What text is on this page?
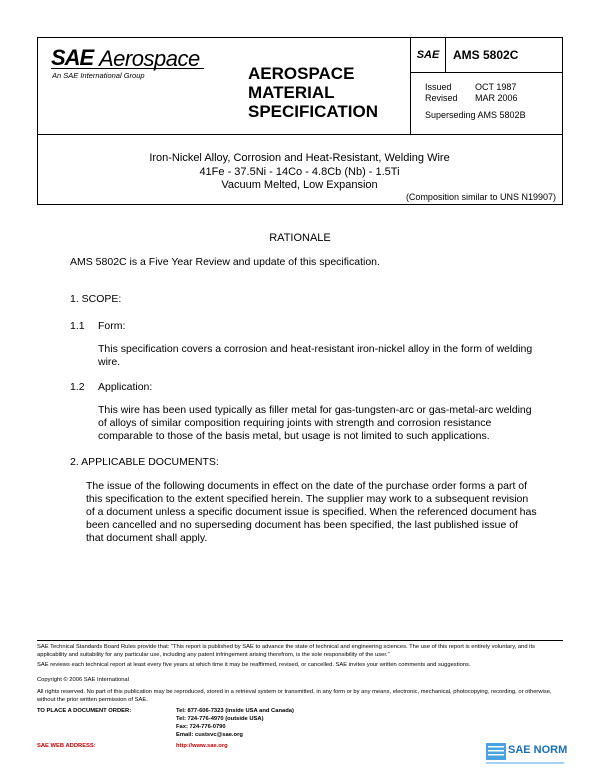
SAE Aerospace
An SAE International Group	AEROSPACE
MATERIAL
SPECIFICATION
SAE	AMS 5802C
Issued	OCT 1987
Revised MAR 2006
Superseding AMS 5802B
Iron-Nickel Alloy, Corrosion and Heat-Resistant, Welding Wire
41Fe - 37.5Ni - 14Co - 4.8Cb (Nb) - 1.5Ti
Vacuum Melted, Low Expansion
(Composition similar to UNS N19907)
RATIONALE
AMS 5802C is a Five Year Review and update of this specification.
1. SCOPE:
1.1 Form:
This specification covers a corrosion and heat-resistant iron-nickel alloy in the form of welding wire.
1.2 Application:
This wire has been used typically as filler metal for gas-tungsten-arc or gas-metal-arc welding of alloys of similar composition requiring joints with strength and corrosion resistance comparable to those of the basis metal, but usage is not limited to such applications.
2. APPLICABLE DOCUMENTS:
The issue of the following documents in effect on the date of the purchase order forms a part of this specification to the extent specified herein. The supplier may work to a subsequent revision of a document unless a specific document issue is specified. When the referenced document has been cancelled and no superseding document has been specified, the last published issue of that document shall apply.
SAE Technical Standards Board Rules provide that: "This report is published by SAE to advance the state of technical and engineering sciences. The use of this report is entirely voluntary, and its applicability and suitability for any particular use, including any patent infringement arising therefrom, is the sole responsibility of the user."
SAE reviews each technical report at least every five years at which time it may be reaffirmed, revised, or cancelled. SAE invites your written comments and suggestions.
Copyright © 2006 SAE International
All rights reserved. No part of this publication may be reproduced, stored in a retrieval system or transmitted, in any form or by any means, electronic, mechanical, photocopying, recording, or otherwise, without the prior written permission of SAE.
TO PLACE A DOCUMENT ORDER:	Tel: 877-606-7323 (inside USA and Canada)
Tel: 724-776-4970 (outside USA)
Fax: 724-776-0790
Email: custsvc@sae.org
SAE WEB ADDRESS:	http://www.sae.org	SAE NORM
